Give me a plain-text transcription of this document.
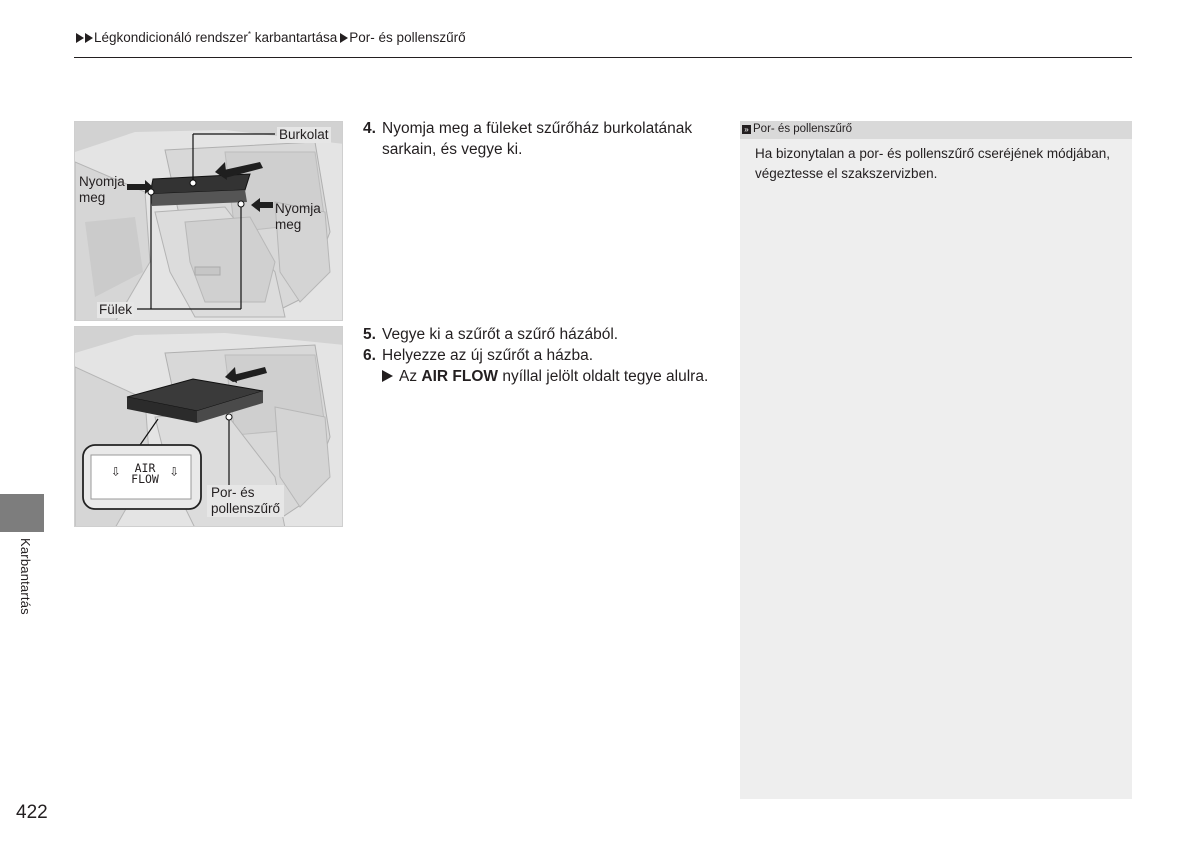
Légkondicionáló rendszer* karbantartása Por- és pollenszűrő
Karbantartás
Burkolat
Nyomja
meg
Nyomja
meg
Fülek
⇩ AIR ⇩
FLOW
Por- és
pollenszűrő
4. Nyomja meg a füleket szűrőház burkolatának sarkain, és vegye ki.
5. Vegye ki a szűrőt a szűrő házából.
6. Helyezze az új szűrőt a házba.
Az AIR FLOW nyíllal jelölt oldalt tegye alulra.
» Por- és pollenszűrő
Ha bizonytalan a por- és pollenszűrő cseréjének módjában, végeztesse el szakszervizben.
422
